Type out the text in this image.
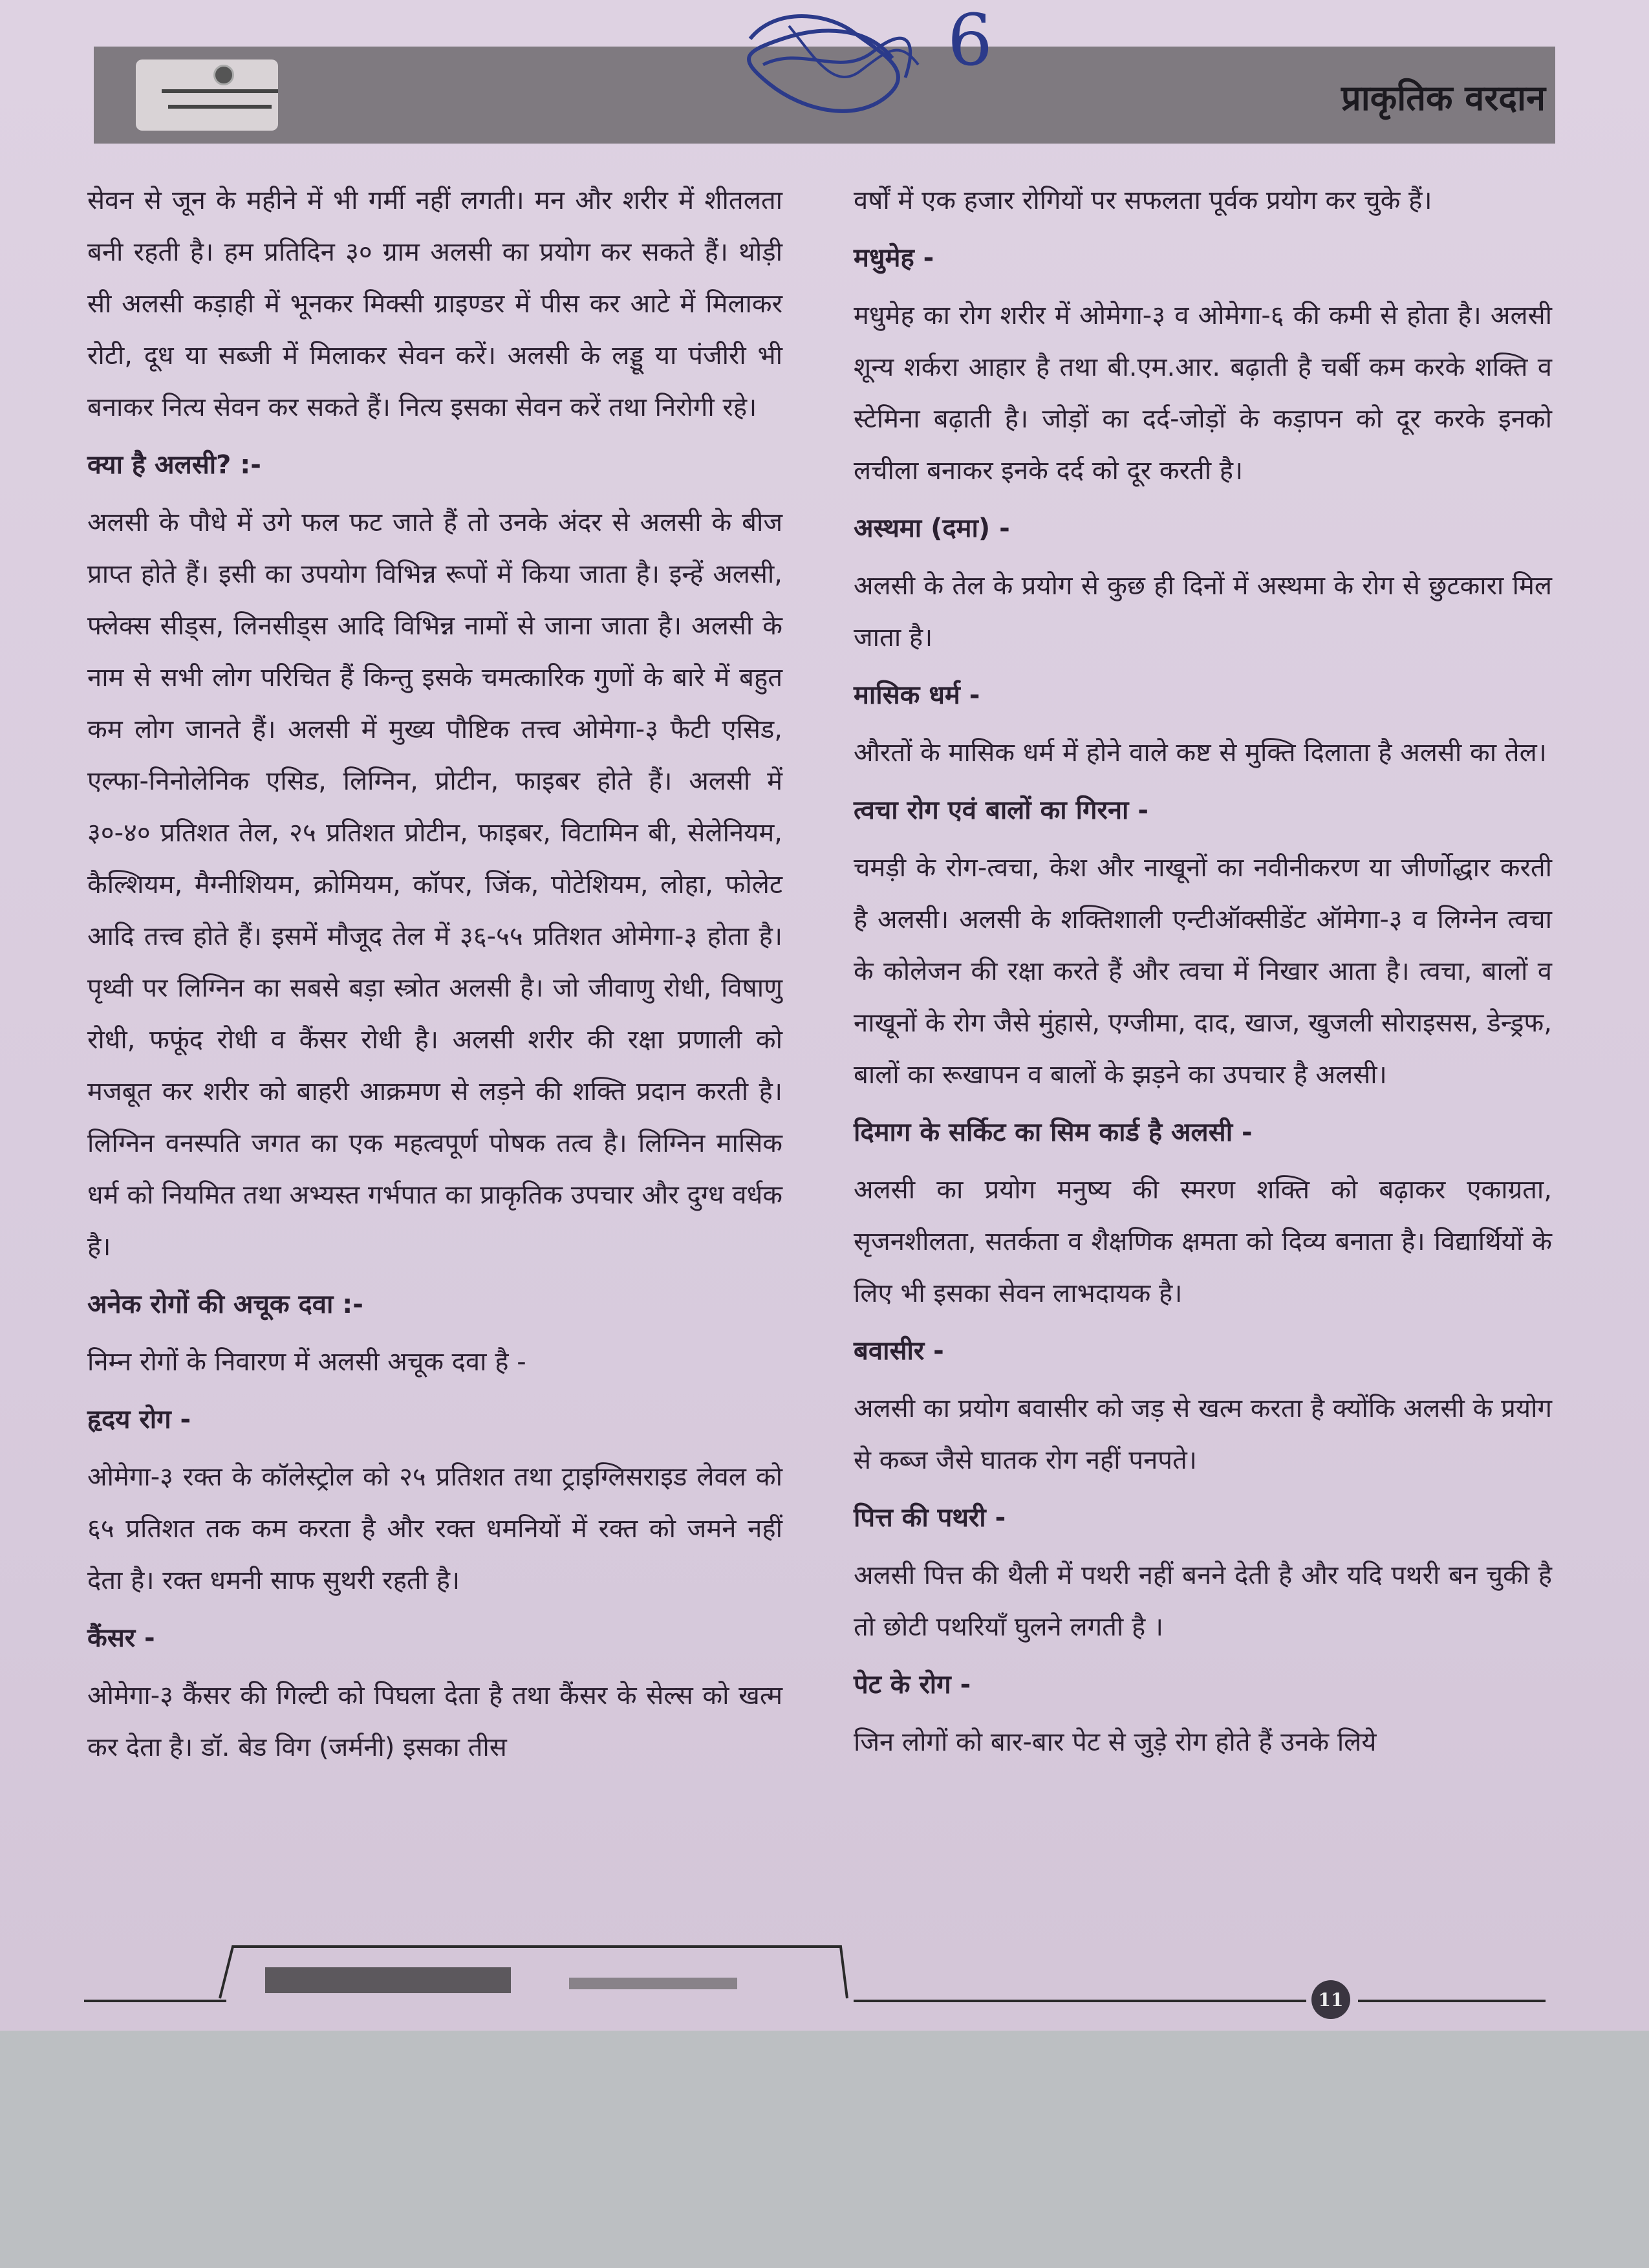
6
प्राकृतिक वरदान

सेवन से जून के महीने में भी गर्मी नहीं लगती। मन और शरीर में शीतलता बनी रहती है। हम प्रतिदिन ३० ग्राम अलसी का प्रयोग कर सकते हैं। थोड़ी सी अलसी कड़ाही में भूनकर मिक्सी ग्राइण्डर में पीस कर आटे में मिलाकर रोटी, दूध या सब्जी में मिलाकर सेवन करें। अलसी के लड्डू या पंजीरी भी बनाकर नित्य सेवन कर सकते हैं। नित्य इसका सेवन करें तथा निरोगी रहे।

क्या है अलसी? :-

अलसी के पौधे में उगे फल फट जाते हैं तो उनके अंदर से अलसी के बीज प्राप्त होते हैं। इसी का उपयोग विभिन्न रूपों में किया जाता है। इन्हें अलसी, फ्लेक्स सीड्स, लिनसीड्स आदि विभिन्न नामों से जाना जाता है। अलसी के नाम से सभी लोग परिचित हैं किन्तु इसके चमत्कारिक गुणों के बारे में बहुत कम लोग जानते हैं। अलसी में मुख्य पौष्टिक तत्त्व ओमेगा-३ फैटी एसिड, एल्फा-निनोलेनिक एसिड, लिग्निन, प्रोटीन, फाइबर होते हैं। अलसी में ३०-४० प्रतिशत तेल, २५ प्रतिशत प्रोटीन, फाइबर, विटामिन बी, सेलेनियम, कैल्शियम, मैग्नीशियम, क्रोमियम, कॉपर, जिंक, पोटेशियम, लोहा, फोलेट आदि तत्त्व होते हैं। इसमें मौजूद तेल में ३६-५५ प्रतिशत ओमेगा-३ होता है। पृथ्वी पर लिग्निन का सबसे बड़ा स्त्रोत अलसी है। जो जीवाणु रोधी, विषाणु रोधी, फफूंद रोधी व कैंसर रोधी है। अलसी शरीर की रक्षा प्रणाली को मजबूत कर शरीर को बाहरी आक्रमण से लड़ने की शक्ति प्रदान करती है। लिग्निन वनस्पति जगत का एक महत्वपूर्ण पोषक तत्व है। लिग्निन मासिक धर्म को नियमित तथा अभ्यस्त गर्भपात का प्राकृतिक उपचार और दुग्ध वर्धक है।

अनेक रोगों की अचूक दवा :-

निम्न रोगों के निवारण में अलसी अचूक दवा है -

हृदय रोग -

ओमेगा-३ रक्त के कॉलेस्ट्रोल को २५ प्रतिशत तथा ट्राइग्लिसराइड लेवल को ६५ प्रतिशत तक कम करता है और रक्त धमनियों में रक्त को जमने नहीं देता है। रक्त धमनी साफ सुथरी रहती है।

कैंसर -

ओमेगा-३ कैंसर की गिल्टी को पिघला देता है तथा कैंसर के सेल्स को खत्म कर देता है। डॉ. बेड विग (जर्मनी) इसका तीस

वर्षों में एक हजार रोगियों पर सफलता पूर्वक प्रयोग कर चुके हैं।

मधुमेह -

मधुमेह का रोग शरीर में ओमेगा-३ व ओमेगा-६ की कमी से होता है। अलसी शून्य शर्करा आहार है तथा बी.एम.आर. बढ़ाती है चर्बी कम करके शक्ति व स्टेमिना बढ़ाती है। जोड़ों का दर्द-जोड़ों के कड़ापन को दूर करके इनको लचीला बनाकर इनके दर्द को दूर करती है।

अस्थमा (दमा) -

अलसी के तेल के प्रयोग से कुछ ही दिनों में अस्थमा के रोग से छुटकारा मिल जाता है।

मासिक धर्म -

औरतों के मासिक धर्म में होने वाले कष्ट से मुक्ति दिलाता है अलसी का तेल।

त्वचा रोग एवं बालों का गिरना -

चमड़ी के रोग-त्वचा, केश और नाखूनों का नवीनीकरण या जीर्णोद्धार करती है अलसी। अलसी के शक्तिशाली एन्टीऑक्सीडेंट ऑमेगा-३ व लिग्नेन त्वचा के कोलेजन की रक्षा करते हैं और त्वचा में निखार आता है। त्वचा, बालों व नाखूनों के रोग जैसे मुंहासे, एग्जीमा, दाद, खाज, खुजली सोराइसस, डेन्ड्रफ, बालों का रूखापन व बालों के झड़ने का उपचार है अलसी।

दिमाग के सर्किट का सिम कार्ड है अलसी -

अलसी का प्रयोग मनुष्य की स्मरण शक्ति को बढ़ाकर एकाग्रता, सृजनशीलता, सतर्कता व शैक्षणिक क्षमता को दिव्य बनाता है। विद्यार्थियों के लिए भी इसका सेवन लाभदायक है।

बवासीर -

अलसी का प्रयोग बवासीर को जड़ से खत्म करता है क्योंकि अलसी के प्रयोग से कब्ज जैसे घातक रोग नहीं पनपते।

पित्त की पथरी -

अलसी पित्त की थैली में पथरी नहीं बनने देती है और यदि पथरी बन चुकी है तो छोटी पथरियाँ घुलने लगती है ।

पेट के रोग -

जिन लोगों को बार-बार पेट से जुड़े रोग होते हैं उनके लिये

11
